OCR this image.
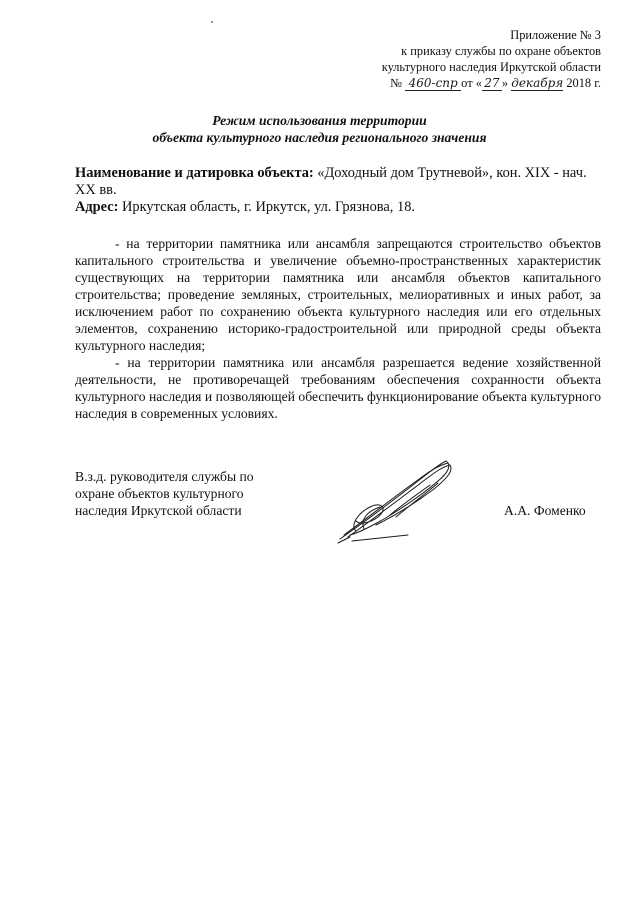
Приложение № 3
к приказу службы по охране объектов
культурного наследия Иркутской области
№ 460-спр от « 27 » декабря 2018 г.
Режим использования территории
объекта культурного наследия регионального значения

Наименование и датировка объекта: «Доходный дом Трутневой», кон. XIX - нач. XX вв.

Адрес: Иркутская область, г. Иркутск, ул. Грязнова, 18.

- на территории памятника или ансамбля запрещаются строительство объектов капитального строительства и увеличение объемно-пространственных характеристик существующих на территории памятника или ансамбля объектов капитального строительства; проведение земляных, строительных, мелиоративных и иных работ, за исключением работ по сохранению объекта культурного наследия или его отдельных элементов, сохранению историко-градостроительной или природной среды объекта культурного наследия;

- на территории памятника или ансамбля разрешается ведение хозяйственной деятельности, не противоречащей требованиям обеспечения сохранности объекта культурного наследия и позволяющей обеспечить функционирование объекта культурного наследия в современных условиях.

В.з.д. руководителя службы по

охране объектов культурного

наследия Иркутской области	А.А. Фоменко
